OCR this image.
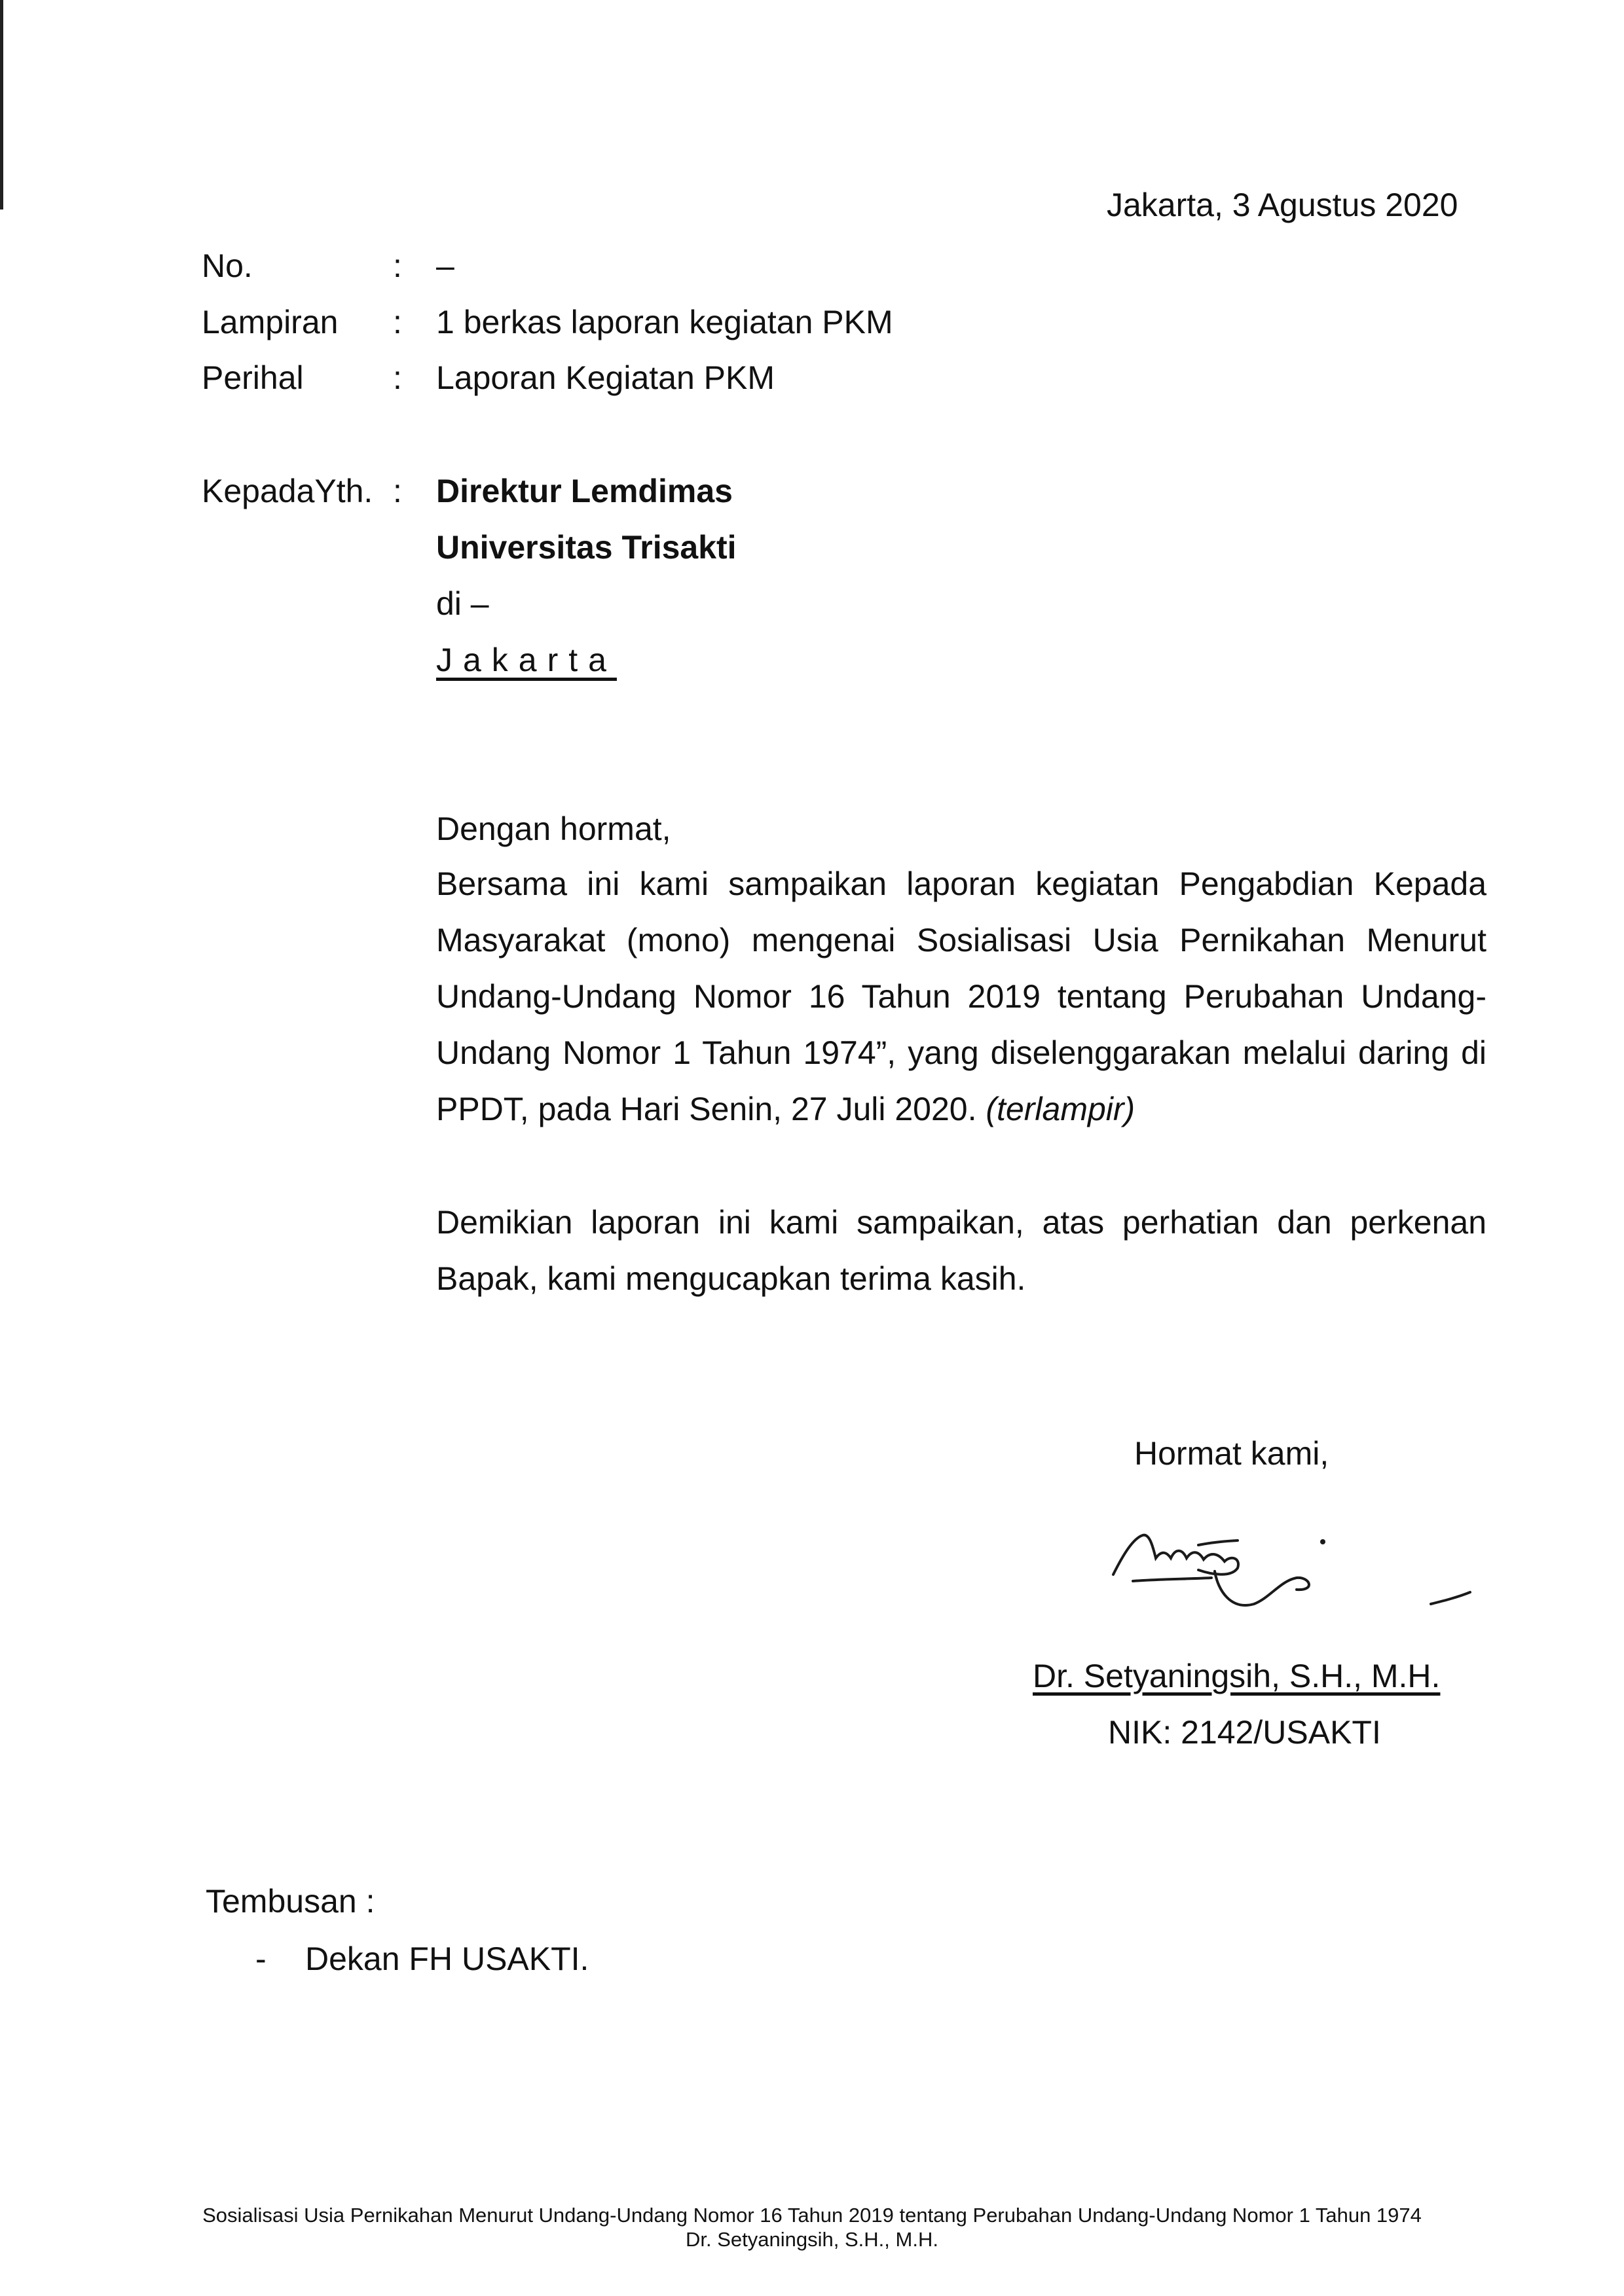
Jakarta, 3 Agustus 2020
No.	: –
Lampiran : 1 berkas laporan kegiatan PKM
Perihal	: Laporan Kegiatan PKM
KepadaYth. : Direktur Lemdimas
Universitas Trisakti
di –
Jakarta
Dengan hormat,

Bersama ini kami sampaikan laporan kegiatan Pengabdian Kepada Masyarakat (mono) mengenai Sosialisasi Usia Pernikahan Menurut Undang-Undang Nomor 16 Tahun 2019 tentang Perubahan Undang-Undang Nomor 1 Tahun 1974”, yang diselenggarakan melalui daring di PPDT, pada Hari Senin, 27 Juli 2020. (terlampir)

Demikian laporan ini kami sampaikan, atas perhatian dan perkenan Bapak, kami mengucapkan terima kasih.

Hormat kami,
Dr. Setyaningsih, S.H., M.H.
NIK: 2142/USAKTI
Tembusan :
- Dekan FH USAKTI.
Sosialisasi Usia Pernikahan Menurut Undang-Undang Nomor 16 Tahun 2019 tentang Perubahan Undang-Undang Nomor 1 Tahun 1974
Dr. Setyaningsih, S.H., M.H.
